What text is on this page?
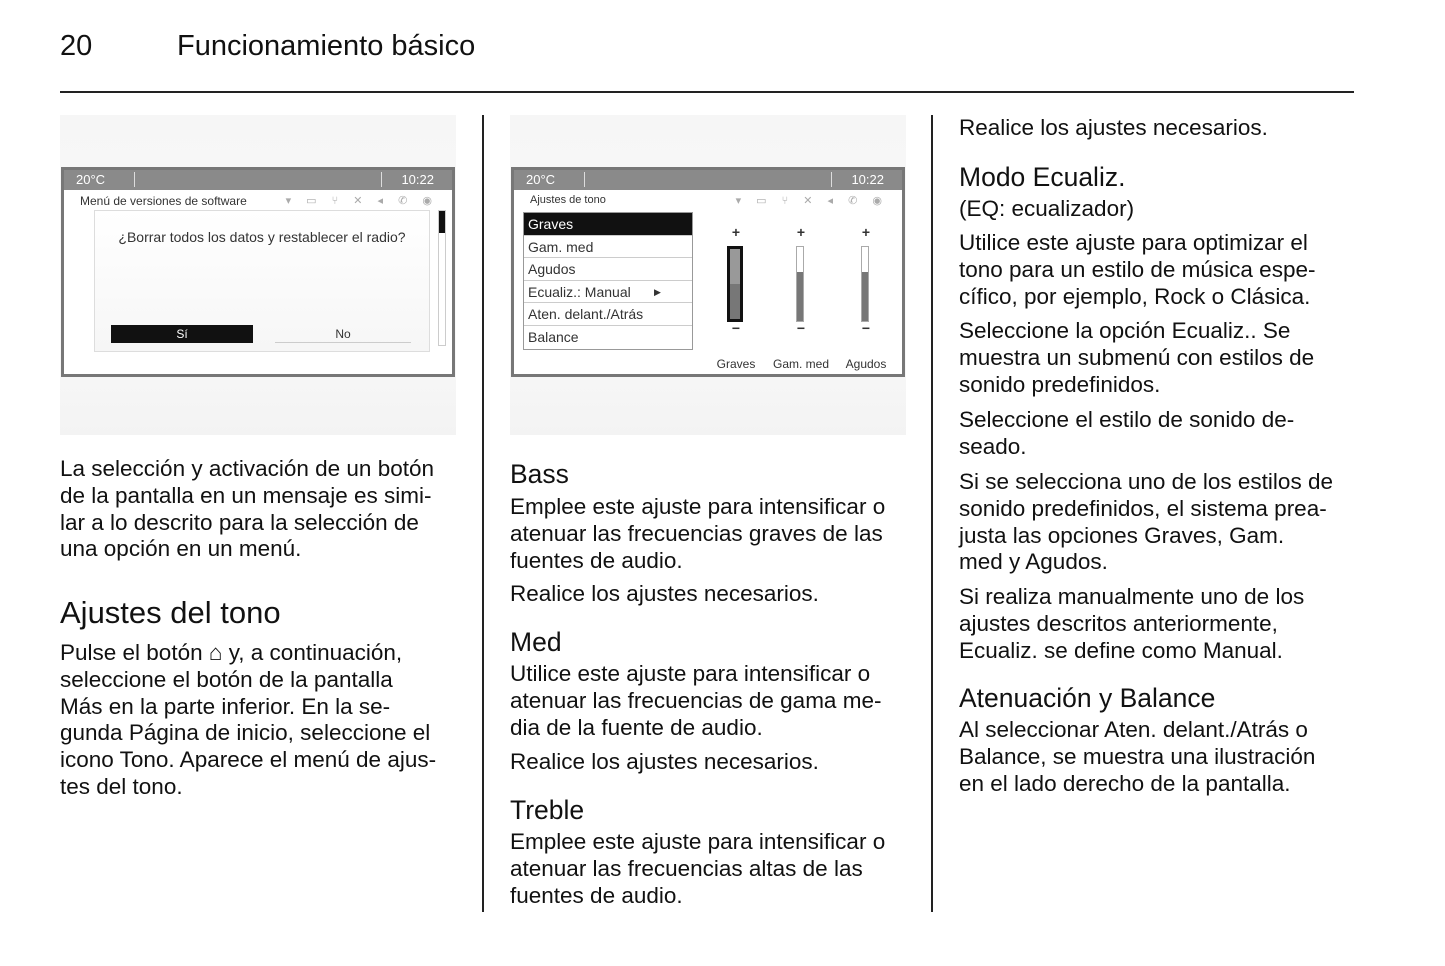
20	Funcionamiento básico
20°C	10:22
Menú de versiones de software	▾ ▭ ⑂ ✕ ◂ ✆ ◉
¿Borrar todos los datos y restablecer el radio?
Sí	No
20°C	10:22
Ajustes de tono	▾ ▭ ⑂ ✕ ◂ ✆ ◉
Graves
Gam. med
Agudos
Ecualiz.: Manual	▶
Aten. delant./Atrás
Balance
+
−
+
−
+
−
Graves	Gam. med	Agudos
La selección y activación de un botón
de la pantalla en un mensaje es simi-
lar a lo descrito para la selección de
una opción en un menú.
Ajustes del tono
Pulse el botón ⌂ y, a continuación,
seleccione el botón de la pantalla
Más en la parte inferior. En la se-
gunda Página de inicio, seleccione el
icono Tono. Aparece el menú de ajus-
tes del tono.
Bass
Emplee este ajuste para intensificar o
atenuar las frecuencias graves de las
fuentes de audio.
Realice los ajustes necesarios.
Med
Utilice este ajuste para intensificar o
atenuar las frecuencias de gama me-
dia de la fuente de audio.
Realice los ajustes necesarios.
Treble
Emplee este ajuste para intensificar o
atenuar las frecuencias altas de las
fuentes de audio.
Realice los ajustes necesarios.
Modo Ecualiz.
(EQ: ecualizador)
Utilice este ajuste para optimizar el
tono para un estilo de música espe-
cífico, por ejemplo, Rock o Clásica.
Seleccione la opción Ecualiz.. Se
muestra un submenú con estilos de
sonido predefinidos.
Seleccione el estilo de sonido de-
seado.
Si se selecciona uno de los estilos de
sonido predefinidos, el sistema prea-
justa las opciones Graves, Gam.
med y Agudos.
Si realiza manualmente uno de los
ajustes descritos anteriormente,
Ecualiz. se define como Manual.
Atenuación y Balance
Al seleccionar Aten. delant./Atrás o
Balance, se muestra una ilustración
en el lado derecho de la pantalla.
